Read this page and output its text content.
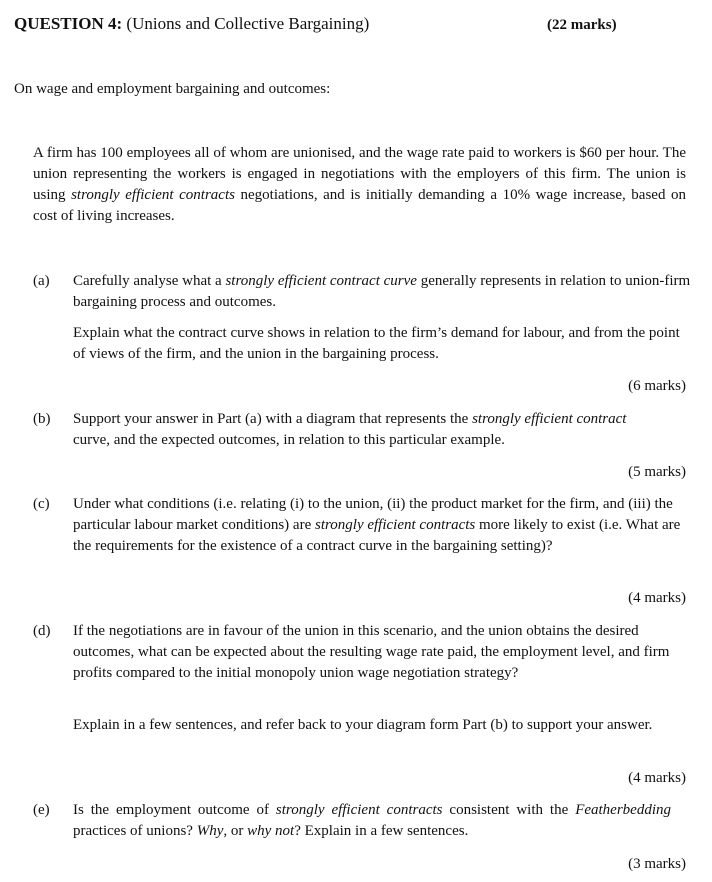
QUESTION 4: (Unions and Collective Bargaining)	(22 marks)
On wage and employment bargaining and outcomes:

A firm has 100 employees all of whom are unionised, and the wage rate paid to workers is $60 per hour. The union representing the workers is engaged in negotiations with the employers of this firm. The union is using strongly efficient contracts negotiations, and is initially demanding a 10% wage increase, based on cost of living increases.

(a)	Carefully analyse what a strongly efficient contract curve generally represents in relation to union-firm bargaining process and outcomes.

Explain what the contract curve shows in relation to the firm’s demand for labour, and from the point of views of the firm, and the union in the bargaining process.

(6 marks)
(b)	Support your answer in Part (a) with a diagram that represents the strongly efficient contract

curve, and the expected outcomes, in relation to this particular example.

(5 marks)
(c)	Under what conditions (i.e. relating (i) to the union, (ii) the product market for the firm, and (iii) the particular labour market conditions) are strongly efficient contracts more likely to exist (i.e. What are the requirements for the existence of a contract curve in the bargaining setting)?

(4 marks)
(d)	If the negotiations are in favour of the union in this scenario, and the union obtains the desired outcomes, what can be expected about the resulting wage rate paid, the employment level, and firm profits compared to the initial monopoly union wage negotiation strategy?

Explain in a few sentences, and refer back to your diagram form Part (b) to support your answer.

(4 marks)
(e)	Is the employment outcome of strongly efficient contracts consistent with the Featherbedding practices of unions? Why, or why not? Explain in a few sentences.

(3 marks)
